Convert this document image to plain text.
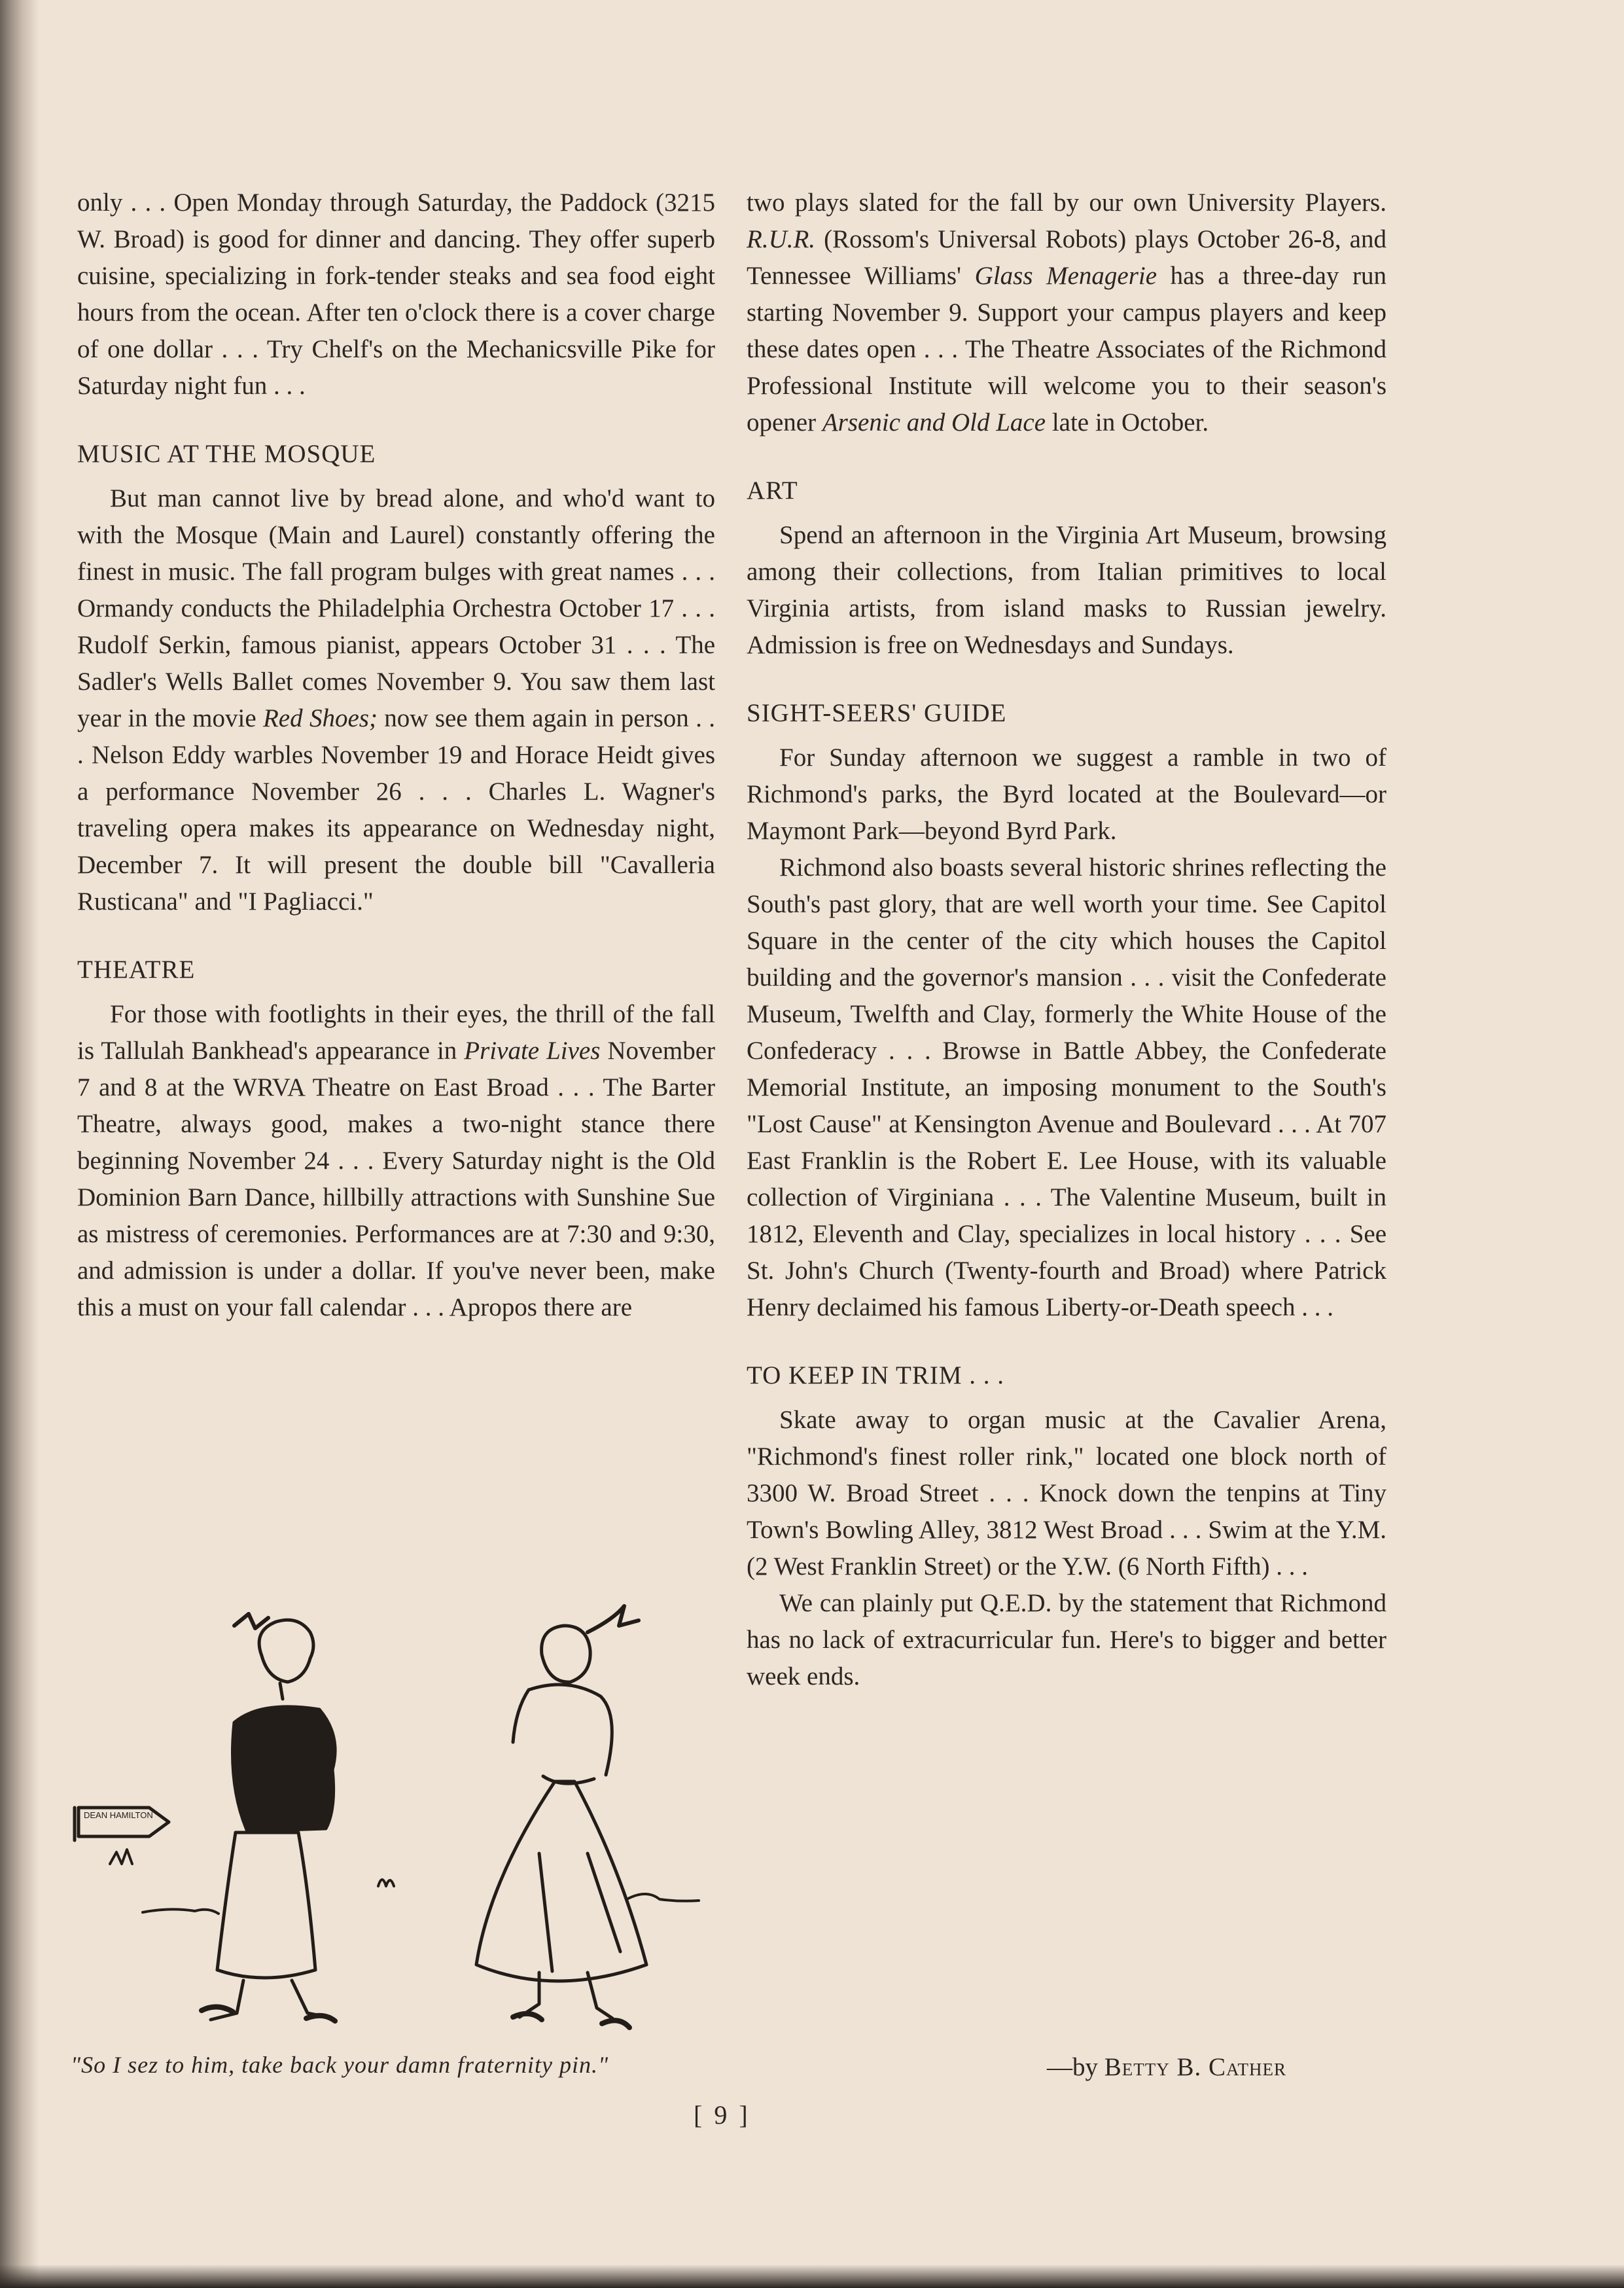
only . . . Open Monday through Saturday, the Paddock (3215 W. Broad) is good for dinner and dancing. They offer superb cuisine, specializing in fork-tender steaks and sea food eight hours from the ocean. After ten o'clock there is a cover charge of one dollar . . . Try Chelf's on the Mechanicsville Pike for Saturday night fun . . .

MUSIC AT THE MOSQUE

But man cannot live by bread alone, and who'd want to with the Mosque (Main and Laurel) constantly offering the finest in music. The fall program bulges with great names . . . Ormandy conducts the Philadelphia Orchestra October 17 . . . Rudolf Serkin, famous pianist, appears October 31 . . . The Sadler's Wells Ballet comes November 9. You saw them last year in the movie Red Shoes; now see them again in person . . . Nelson Eddy warbles November 19 and Horace Heidt gives a performance November 26 . . . Charles L. Wagner's traveling opera makes its appearance on Wednesday night, December 7. It will present the double bill "Cavalleria Rusticana" and "I Pagliacci."

THEATRE

For those with footlights in their eyes, the thrill of the fall is Tallulah Bankhead's appearance in Private Lives November 7 and 8 at the WRVA Theatre on East Broad . . . The Barter Theatre, always good, makes a two-night stance there beginning November 24 . . . Every Saturday night is the Old Dominion Barn Dance, hillbilly attractions with Sunshine Sue as mistress of ceremonies. Performances are at 7:30 and 9:30, and admission is under a dollar. If you've never been, make this a must on your fall calendar . . . Apropos there are

two plays slated for the fall by our own University Players. R.U.R. (Rossom's Universal Robots) plays October 26-8, and Tennessee Williams' Glass Menagerie has a three-day run starting November 9. Support your campus players and keep these dates open . . . The Theatre Associates of the Richmond Professional Institute will welcome you to their season's opener Arsenic and Old Lace late in October.

ART

Spend an afternoon in the Virginia Art Museum, browsing among their collections, from Italian primitives to local Virginia artists, from island masks to Russian jewelry. Admission is free on Wednesdays and Sundays.

SIGHT-SEERS' GUIDE

For Sunday afternoon we suggest a ramble in two of Richmond's parks, the Byrd located at the Boulevard—or Maymont Park—beyond Byrd Park.

Richmond also boasts several historic shrines reflecting the South's past glory, that are well worth your time. See Capitol Square in the center of the city which houses the Capitol building and the governor's mansion . . . visit the Confederate Museum, Twelfth and Clay, formerly the White House of the Confederacy . . . Browse in Battle Abbey, the Confederate Memorial Institute, an imposing monument to the South's "Lost Cause" at Kensington Avenue and Boulevard . . . At 707 East Franklin is the Robert E. Lee House, with its valuable collection of Virginiana . . . The Valentine Museum, built in 1812, Eleventh and Clay, specializes in local history . . . See St. John's Church (Twenty-fourth and Broad) where Patrick Henry declaimed his famous Liberty-or-Death speech . . .

TO KEEP IN TRIM . . .

Skate away to organ music at the Cavalier Arena, "Richmond's finest roller rink," located one block north of 3300 W. Broad Street . . . Knock down the tenpins at Tiny Town's Bowling Alley, 3812 West Broad . . . Swim at the Y.M. (2 West Franklin Street) or the Y.W. (6 North Fifth) . . .

We can plainly put Q.E.D. by the statement that Richmond has no lack of extracurricular fun. Here's to bigger and better week ends.

DEAN HAMILTON
"So I sez to him, take back your damn fraternity pin."	—by Betty B. Cather
[ 9 ]
